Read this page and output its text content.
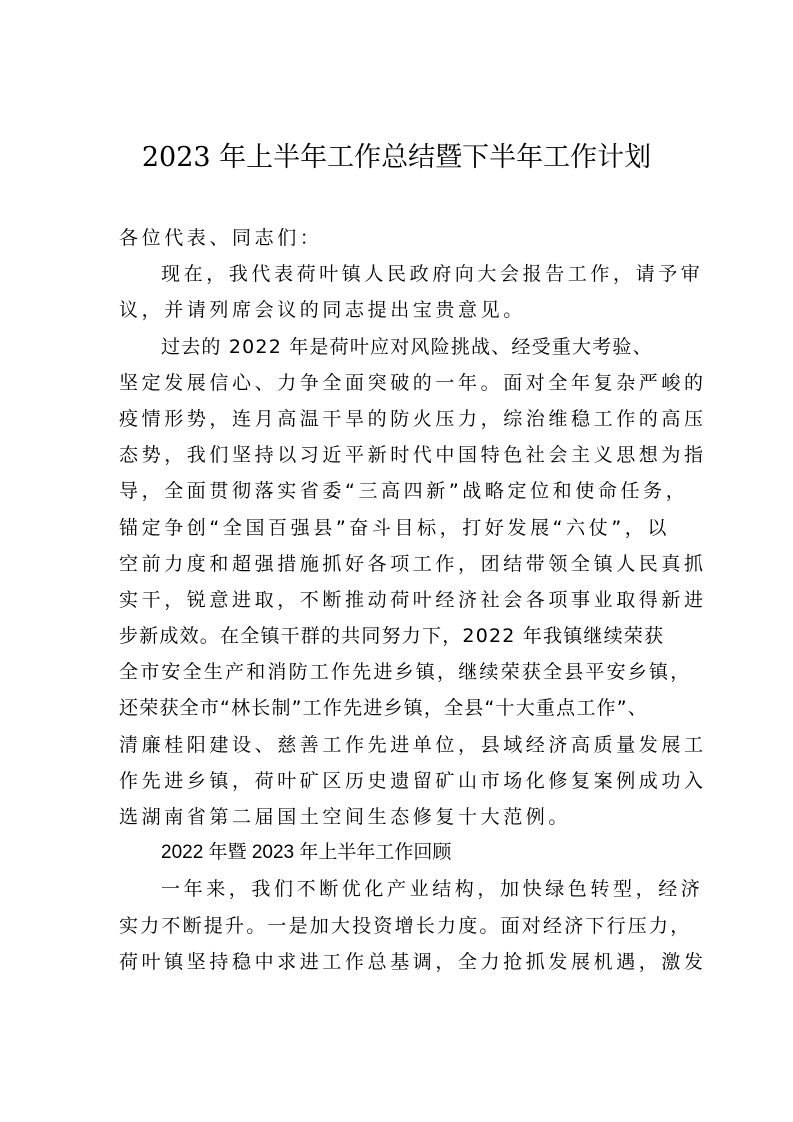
2023 年上半年工作总结暨下半年工作计划
各位代表、同志们：
现在，我代表荷叶镇人民政府向大会报告工作，请予审
议，并请列席会议的同志提出宝贵意见。
过去的 2022 年是荷叶应对风险挑战、经受重大考验、
坚定发展信心、力争全面突破的一年。面对全年复杂严峻的
疫情形势，连月高温干旱的防火压力，综治维稳工作的高压
态势，我们坚持以习近平新时代中国特色社会主义思想为指
导，全面贯彻落实省委“三高四新”战略定位和使命任务，
锚定争创“全国百强县”奋斗目标，打好发展“六仗”，以
空前力度和超强措施抓好各项工作，团结带领全镇人民真抓
实干，锐意进取，不断推动荷叶经济社会各项事业取得新进
步新成效。在全镇干群的共同努力下，2022 年我镇继续荣获
全市安全生产和消防工作先进乡镇，继续荣获全县平安乡镇，
还荣获全市“林长制”工作先进乡镇，全县“十大重点工作”、
清廉桂阳建设、慈善工作先进单位，县域经济高质量发展工
作先进乡镇，荷叶矿区历史遗留矿山市场化修复案例成功入
选湖南省第二届国土空间生态修复十大范例。
2022 年暨 2023 年上半年工作回顾
一年来，我们不断优化产业结构，加快绿色转型，经济
实力不断提升。一是加大投资增长力度。面对经济下行压力，
荷叶镇坚持稳中求进工作总基调，全力抢抓发展机遇，激发
